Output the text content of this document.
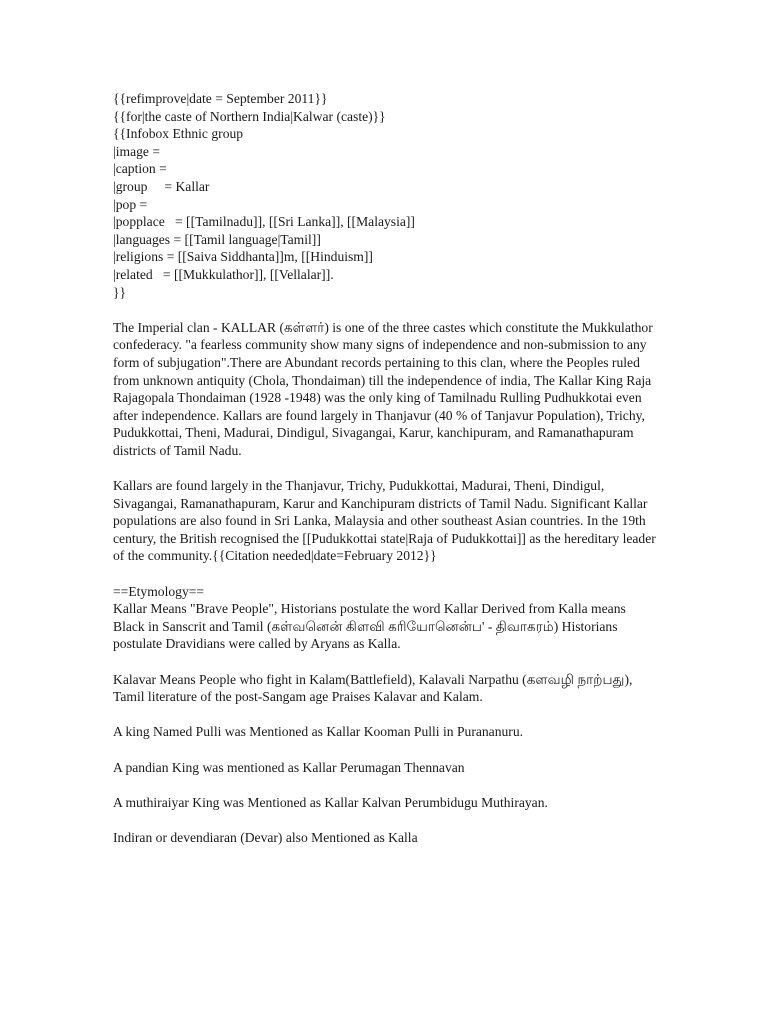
{{refimprove|date = September 2011}}
{{for|the caste of Northern India|Kalwar (caste)}}
{{Infobox Ethnic group
|image =
|caption =
|group     = Kallar
|pop =
|popplace   = [[Tamilnadu]], [[Sri Lanka]], [[Malaysia]]
|languages = [[Tamil language|Tamil]]
|religions = [[Saiva Siddhanta]]m, [[Hinduism]]
|related   = [[Mukkulathor]], [[Vellalar]].
}}

The Imperial clan - KALLAR (கள்ளர்) is one of the three castes which constitute the Mukkulathor confederacy. "a fearless community show many signs of independence and non-submission to any form of subjugation".There are Abundant records pertaining to this clan, where the Peoples ruled from unknown antiquity (Chola, Thondaiman) till the independence of india, The Kallar King Raja Rajagopala Thondaiman (1928 -1948) was the only king of Tamilnadu Rulling Pudhukkotai even after independence. Kallars are found largely in Thanjavur (40 % of Tanjavur Population), Trichy, Pudukkottai, Theni, Madurai, Dindigul, Sivagangai, Karur, kanchipuram, and Ramanathapuram districts of Tamil Nadu.

Kallars are found largely in the Thanjavur, Trichy, Pudukkottai, Madurai, Theni, Dindigul, Sivagangai, Ramanathapuram, Karur and Kanchipuram districts of Tamil Nadu. Significant Kallar populations are also found in Sri Lanka, Malaysia and other southeast Asian countries. In the 19th century, the British recognised the [[Pudukkottai state|Raja of Pudukkottai]] as the hereditary leader of the community.{{Citation needed|date=February 2012}}

==Etymology==
Kallar Means "Brave People", Historians postulate the word Kallar Derived from Kalla means Black in Sanscrit and Tamil (கள்வனென் கிளவி கரியோனென்ப' - திவாகரம்) Historians postulate Dravidians were called by Aryans as Kalla.

Kalavar Means People who fight in Kalam(Battlefield), Kalavali Narpathu (களவழி நாற்பது), Tamil literature of the post-Sangam age Praises Kalavar and Kalam.

A king Named Pulli was Mentioned as Kallar Kooman Pulli in Purananuru.

A pandian King was mentioned as Kallar Perumagan Thennavan

A muthiraiyar King was Mentioned as Kallar Kalvan Perumbidugu Muthirayan.

Indiran or devendiaran (Devar) also Mentioned as Kalla
